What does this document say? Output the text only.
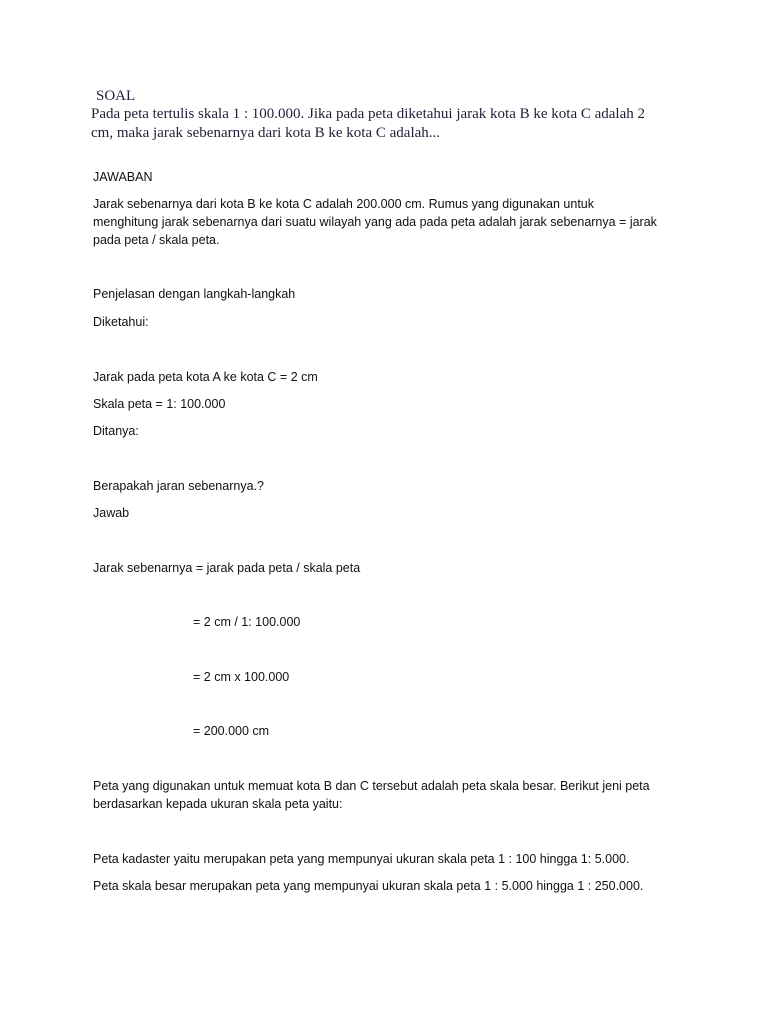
SOAL
Pada peta tertulis skala 1 : 100.000. Jika pada peta diketahui jarak kota B ke kota C adalah 2
cm, maka jarak sebenarnya dari kota B ke kota C adalah...
JAWABAN
Jarak sebenarnya dari kota B ke kota C adalah 200.000 cm. Rumus yang digunakan untuk
menghitung jarak sebenarnya dari suatu wilayah yang ada pada peta adalah jarak sebenarnya = jarak
pada peta / skala peta.
Penjelasan dengan langkah-langkah
Diketahui:
Jarak pada peta kota A ke kota C = 2 cm
Skala peta = 1: 100.000
Ditanya:
Berapakah jaran sebenarnya.?
Jawab
Jarak sebenarnya = jarak pada peta / skala peta
= 2 cm / 1: 100.000
= 2 cm x 100.000
= 200.000 cm
Peta yang digunakan untuk memuat kota B dan C tersebut adalah peta skala besar. Berikut jeni peta
berdasarkan kepada ukuran skala peta yaitu:
Peta kadaster yaitu merupakan peta yang mempunyai ukuran skala peta 1 : 100 hingga 1: 5.000.
Peta skala besar merupakan peta yang mempunyai ukuran skala peta 1 : 5.000 hingga 1 : 250.000.
